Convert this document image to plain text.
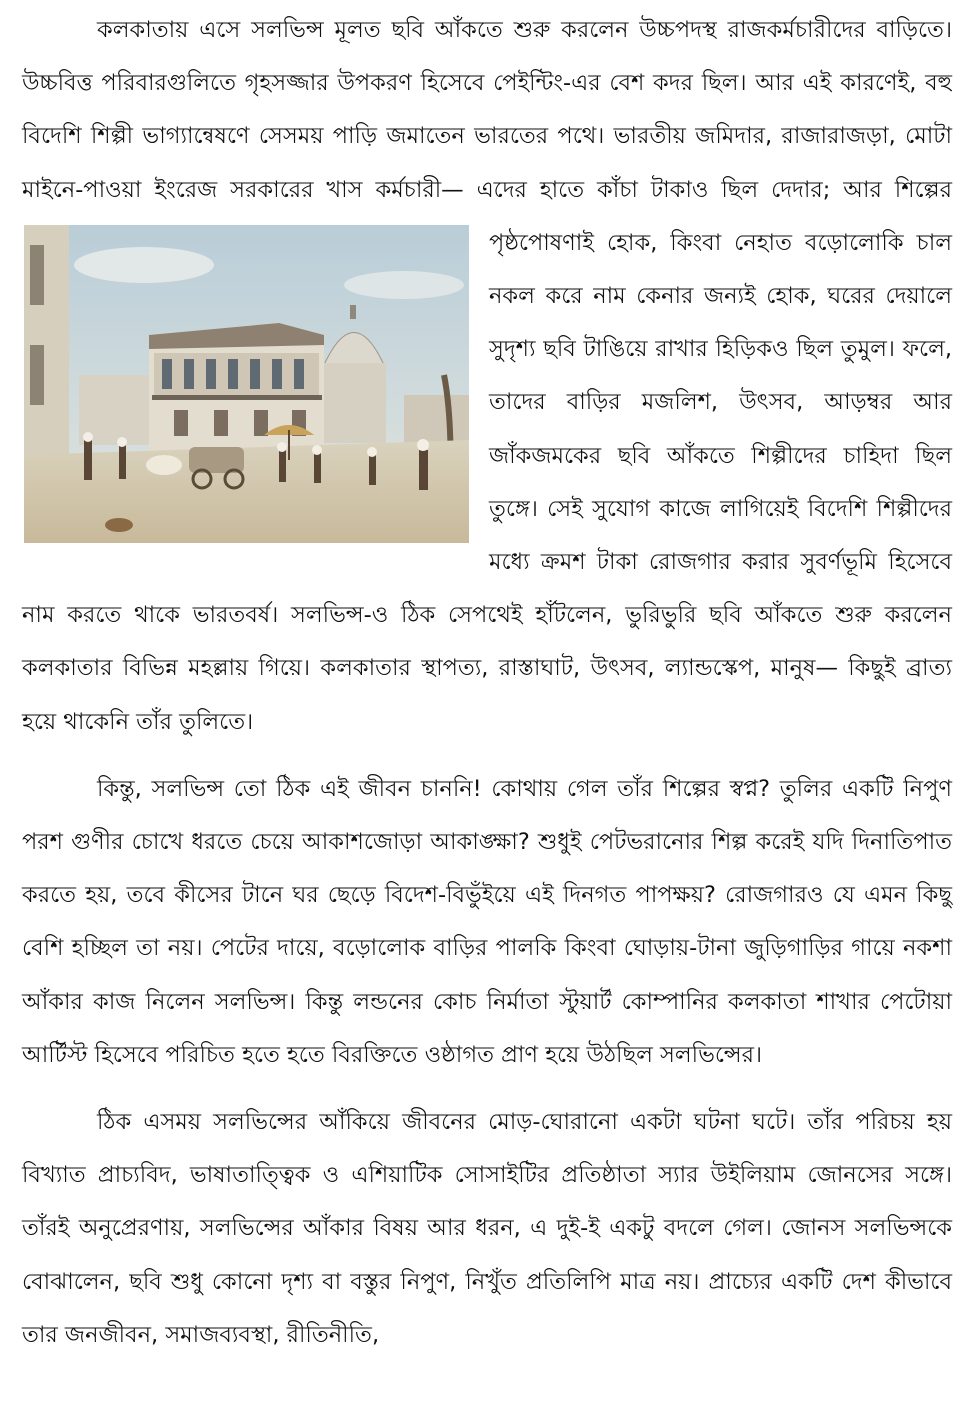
কলকাতায় এসে সলভিন্স মূলত ছবি আঁকতে শুরু করলেন উচ্চপদস্থ রাজকর্মচারীদের বাড়িতে। উচ্চবিত্ত পরিবারগুলিতে গৃহসজ্জার উপকরণ হিসেবে পেইন্টিং-এর বেশ কদর ছিল। আর এই কারণেই, বহু বিদেশি শিল্পী ভাগ্যান্বেষণে সেসময় পাড়ি জমাতেন ভারতের পথে। ভারতীয় জমিদার, রাজারাজড়া, মোটা মাইনে-পাওয়া ইংরেজ সরকারের খাস কর্মচারী— এদের হাতে কাঁচা টাকাও ছিল দেদার; আর শিল্পের পৃষ্ঠপোষণাই হোক, কিংবা নেহাত বড়োলোকি চাল নকল করে নাম কেনার জন্যই হোক, ঘরের দেয়ালে সুদৃশ্য ছবি টাঙিয়ে রাখার হিড়িকও ছিল তুমুল। ফলে, তাদের বাড়ির মজলিশ, উৎসব, আড়ম্বর আর জাঁকজমকের ছবি আঁকতে শিল্পীদের চাহিদা ছিল তুঙ্গে। সেই সুযোগ কাজে লাগিয়েই বিদেশি শিল্পীদের মধ্যে ক্রমশ টাকা রোজগার করার সুবর্ণভূমি হিসেবে নাম করতে থাকে ভারতবর্ষ। সলভিন্স-ও ঠিক সেপথেই হাঁটলেন, ভুরিভুরি ছবি আঁকতে শুরু করলেন কলকাতার বিভিন্ন মহল্লায় গিয়ে। কলকাতার স্থাপত্য, রাস্তাঘাট, উৎসব, ল্যান্ডস্কেপ, মানুষ— কিছুই ব্রাত্য হয়ে থাকেনি তাঁর তুলিতে।

কিন্তু, সলভিন্স তো ঠিক এই জীবন চাননি! কোথায় গেল তাঁর শিল্পের স্বপ্ন? তুলির একটি নিপুণ পরশ গুণীর চোখে ধরতে চেয়ে আকাশজোড়া আকাঙ্ক্ষা? শুধুই পেটভরানোর শিল্প করেই যদি দিনাতিপাত করতে হয়, তবে কীসের টানে ঘর ছেড়ে বিদেশ-বিভুঁইয়ে এই দিনগত পাপক্ষয়? রোজগারও যে এমন কিছু বেশি হচ্ছিল তা নয়। পেটের দায়ে, বড়োলোক বাড়ির পালকি কিংবা ঘোড়ায়-টানা জুড়িগাড়ির গায়ে নকশা আঁকার কাজ নিলেন সলভিন্স। কিন্তু লন্ডনের কোচ নির্মাতা স্টুয়ার্ট কোম্পানির কলকাতা শাখার পেটোয়া আর্টিস্ট হিসেবে পরিচিত হতে হতে বিরক্তিতে ওষ্ঠাগত প্রাণ হয়ে উঠছিল সলভিন্সের।

ঠিক এসময় সলভিন্সের আঁকিয়ে জীবনের মোড়-ঘোরানো একটা ঘটনা ঘটে। তাঁর পরিচয় হয় বিখ্যাত প্রাচ্যবিদ, ভাষাতাত্ত্বিক ও এশিয়াটিক সোসাইটির প্রতিষ্ঠাতা স্যার উইলিয়াম জোনসের সঙ্গে। তাঁরই অনুপ্রেরণায়, সলভিন্সের আঁকার বিষয় আর ধরন, এ দুই-ই একটু বদলে গেল। জোনস সলভিন্সকে বোঝালেন, ছবি শুধু কোনো দৃশ্য বা বস্তুর নিপুণ, নিখুঁত প্রতিলিপি মাত্র নয়। প্রাচ্যের একটি দেশ কীভাবে তার জনজীবন, সমাজব্যবস্থা, রীতিনীতি,
